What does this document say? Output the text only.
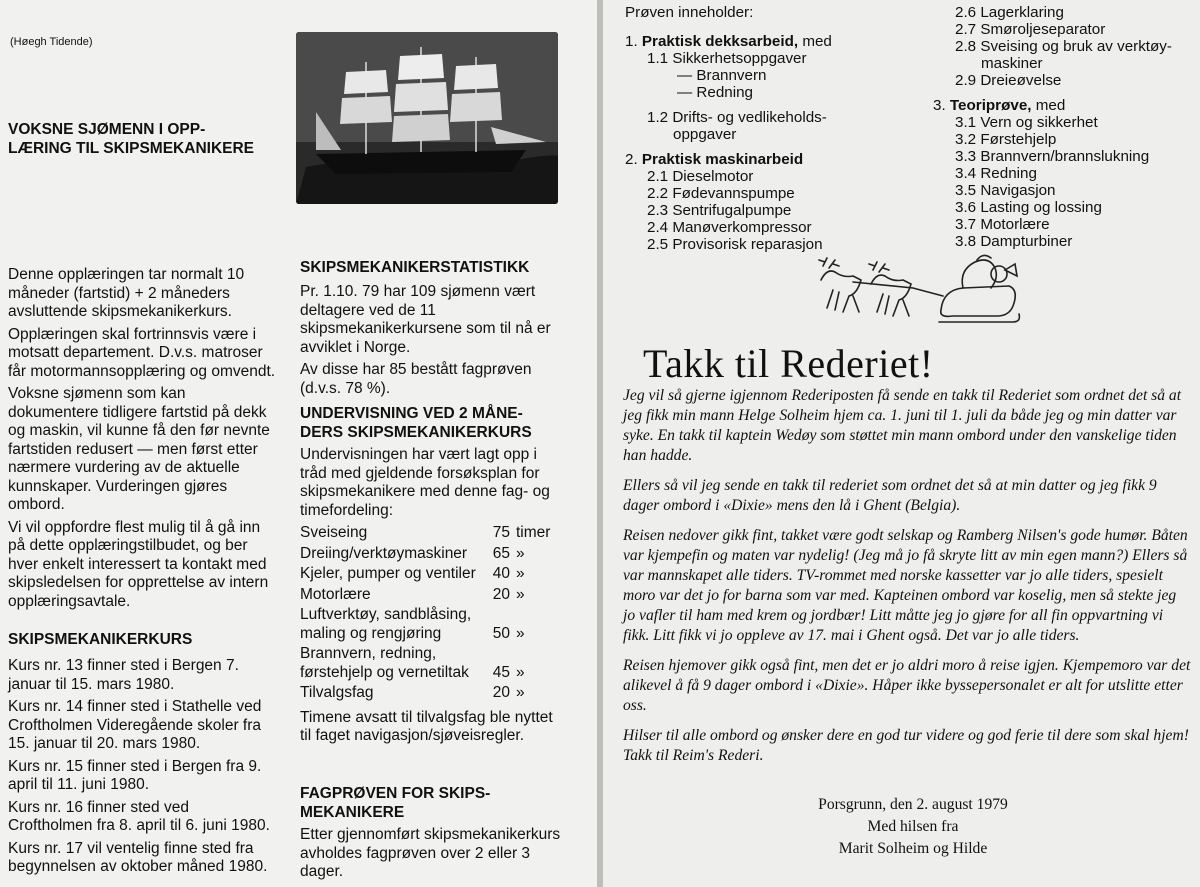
(Høegh Tidende)

VOKSNE SJØMENN I OPP-

LÆRING TIL SKIPSMEKANIKERE

Denne opplæringen tar normalt 10 måneder (fartstid) + 2 måneders avsluttende skipsmekanikerkurs.

Opplæringen skal fortrinnsvis være i motsatt departement. D.v.s. matroser får motormannsopplæring og omvendt.

Voksne sjømenn som kan dokumentere tidligere fartstid på dekk og maskin, vil kunne få den før nevnte fartstiden redusert — men først etter nærmere vurdering av de aktuelle kunnskaper. Vurderingen gjøres ombord.

Vi vil oppfordre flest mulig til å gå inn på dette opplæringstilbudet, og ber hver enkelt interessert ta kontakt med skipsledelsen for opprettelse av intern opplæringsavtale.

SKIPSMEKANIKERKURS

Kurs nr. 13 finner sted i Bergen 7. januar til 15. mars 1980.

Kurs nr. 14 finner sted i Stathelle ved Croftholmen Videregående skoler fra 15. januar til 20. mars 1980.

Kurs nr. 15 finner sted i Bergen fra 9. april til 11. juni 1980.

Kurs nr. 16 finner sted ved Croftholmen fra 8. april til 6. juni 1980.

Kurs nr. 17 vil ventelig finne sted fra begynnelsen av oktober måned 1980.

SKIPSMEKANIKERSTATISTIKK

Pr. 1.10. 79 har 109 sjømenn vært deltagere ved de 11 skipsmekanikerkursene som til nå er avviklet i Norge.

Av disse har 85 bestått fagprøven (d.v.s. 78 %).

UNDERVISNING VED 2 MÅNE-

DERS SKIPSMEKANIKERKURS

Undervisningen har vært lagt opp i tråd med gjeldende forsøksplan for skipsmekanikere med denne fag- og timefordeling:

Sveiseing	75	timer
Dreiing/verktøymaskiner	65	»
Kjeler, pumper og ventiler	40	»
Motorlære	20	»
Luftverktøy, sandblåsing, maling og rengjøring	50	»
Brannvern, redning, førstehjelp og vernetiltak	45	»
Tilvalgsfag	20	»

Timene avsatt til tilvalgsfag ble nyttet til faget navigasjon/sjøveisregler.

FAGPRØVEN FOR SKIPS-

MEKANIKERE

Etter gjennomført skipsmekanikerkurs avholdes fagprøven over 2 eller 3 dager.

Prøven inneholder:
1. Praktisk dekksarbeid, med
1.1 Sikkerhetsoppgaver
— Brannvern
— Redning
1.2 Drifts- og vedlikeholds-
oppgaver
2. Praktisk maskinarbeid
2.1 Dieselmotor
2.2 Fødevannspumpe
2.3 Sentrifugalpumpe
2.4 Manøverkompressor
2.5 Provisorisk reparasjon
2.6 Lagerklaring
2.7 Smøroljeseparator
2.8 Sveising og bruk av verktøy-
maskiner
2.9 Dreieøvelse
3. Teoriprøve, med
3.1 Vern og sikkerhet
3.2 Førstehjelp
3.3 Brannvern/brannslukning
3.4 Redning
3.5 Navigasjon
3.6 Lasting og lossing
3.7 Motorlære
3.8 Dampturbiner
Takk til Rederiet!

Jeg vil så gjerne igjennom Rederiposten få sende en takk til Rederiet som ordnet det så at jeg fikk min mann Helge Solheim hjem ca. 1. juni til 1. juli da både jeg og min datter var syke. En takk til kaptein Wedøy som støttet min mann ombord under den vanskelige tiden han hadde.

Ellers så vil jeg sende en takk til rederiet som ordnet det så at min datter og jeg fikk 9 dager ombord i «Dixie» mens den lå i Ghent (Belgia).

Reisen nedover gikk fint, takket være godt selskap og Ramberg Nilsen's gode humør. Båten var kjempefin og maten var nydelig! (Jeg må jo få skryte litt av min egen mann?) Ellers så var mannskapet alle tiders. TV-rommet med norske kassetter var jo alle tiders, spesielt moro var det jo for barna som var med. Kapteinen ombord var koselig, men så stekte jeg jo vafler til ham med krem og jordbær! Litt måtte jeg jo gjøre for all fin oppvartning vi fikk. Litt fikk vi jo oppleve av 17. mai i Ghent også. Det var jo alle tiders.

Reisen hjemover gikk også fint, men det er jo aldri moro å reise igjen. Kjempemoro var det alikevel å få 9 dager ombord i «Dixie». Håper ikke byssepersonalet er alt for utslitte etter oss.

Hilser til alle ombord og ønsker dere en god tur videre og god ferie til dere som skal hjem! Takk til Reim's Rederi.

Porsgrunn, den 2. august 1979
Med hilsen fra
Marit Solheim og Hilde
